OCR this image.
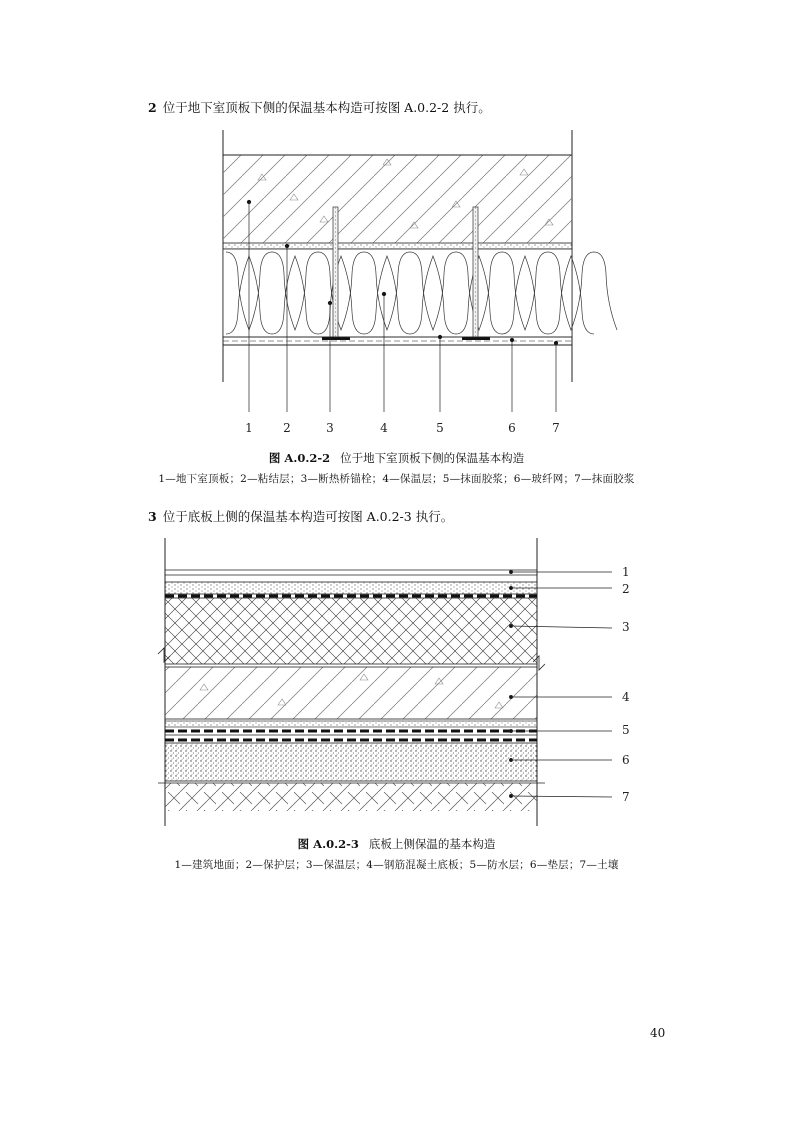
2 位于地下室顶板下侧的保温基本构造可按图 A.0.2-2 执行。
1	2	3	4	5	6	7
图 A.0.2-2 位于地下室顶板下侧的保温基本构造
1—地下室顶板；2—粘结层；3—断热桥锚栓；4—保温层；5—抹面胶浆；6—玻纤网；7—抹面胶浆
3 位于底板上侧的保温基本构造可按图 A.0.2-3 执行。
1
2
3
4
5
6
7
图 A.0.2-3 底板上侧保温的基本构造
1—建筑地面；2—保护层；3—保温层；4—钢筋混凝土底板；5—防水层；6—垫层；7—土壤
40
